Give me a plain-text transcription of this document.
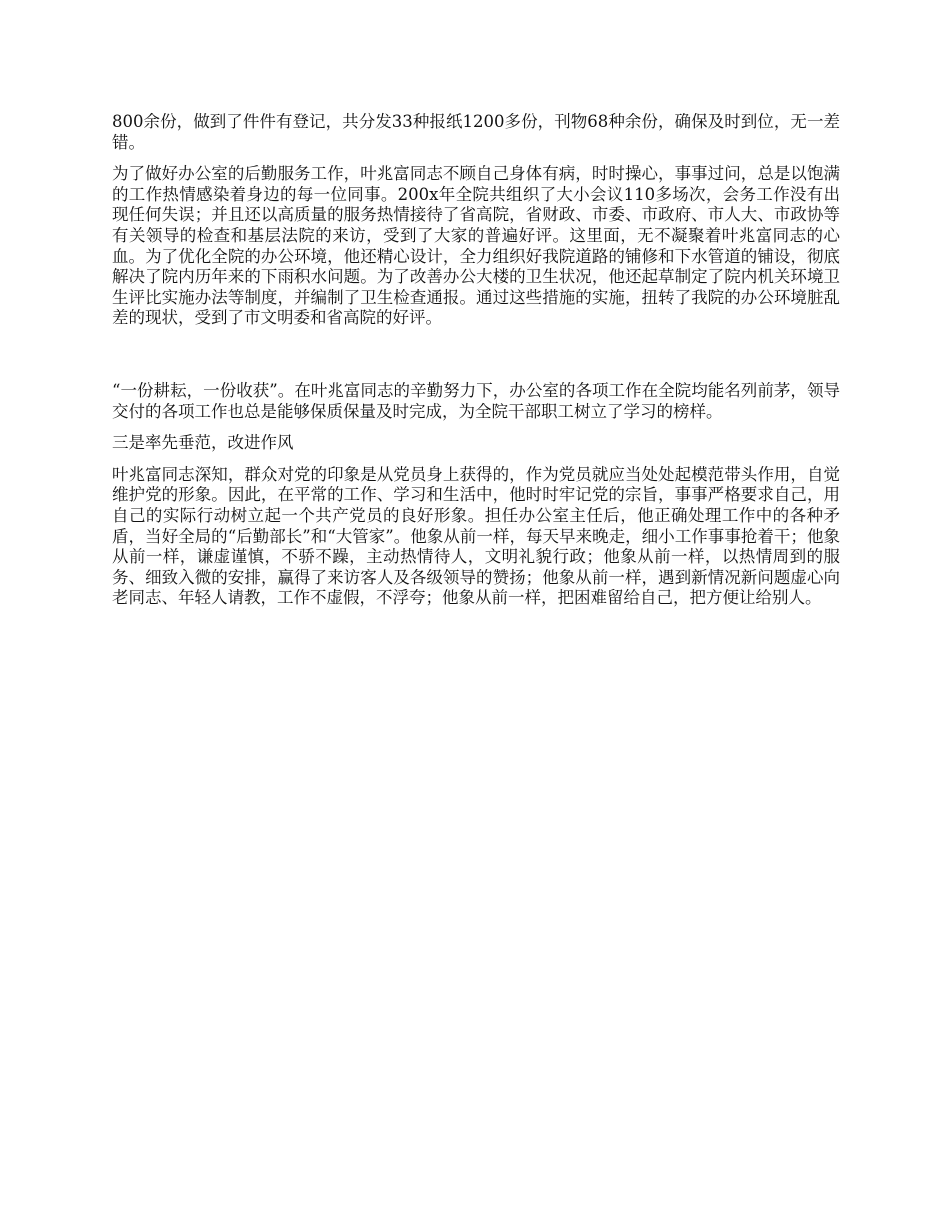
800余份，做到了件件有登记，共分发33种报纸1200多份，刊物68种余份，确保及时到位，无一差错。

为了做好办公室的后勤服务工作，叶兆富同志不顾自己身体有病，时时操心，事事过问，总是以饱满的工作热情感染着身边的每一位同事。200x年全院共组织了大小会议110多场次，会务工作没有出现任何失误；并且还以高质量的服务热情接待了省高院，省财政、市委、市政府、市人大、市政协等有关领导的检查和基层法院的来访，受到了大家的普遍好评。这里面，无不凝聚着叶兆富同志的心血。为了优化全院的办公环境，他还精心设计，全力组织好我院道路的铺修和下水管道的铺设，彻底解决了院内历年来的下雨积水问题。为了改善办公大楼的卫生状况，他还起草制定了院内机关环境卫生评比实施办法等制度，并编制了卫生检查通报。通过这些措施的实施，扭转了我院的办公环境脏乱差的现状，受到了市文明委和省高院的好评。

“一份耕耘，一份收获”。在叶兆富同志的辛勤努力下，办公室的各项工作在全院均能名列前茅，领导交付的各项工作也总是能够保质保量及时完成，为全院干部职工树立了学习的榜样。

三是率先垂范，改进作风

叶兆富同志深知，群众对党的印象是从党员身上获得的，作为党员就应当处处起模范带头作用，自觉维护党的形象。因此，在平常的工作、学习和生活中，他时时牢记党的宗旨，事事严格要求自己，用自己的实际行动树立起一个共产党员的良好形象。担任办公室主任后，他正确处理工作中的各种矛盾，当好全局的“后勤部长”和“大管家”。他象从前一样，每天早来晚走，细小工作事事抢着干；他象从前一样，谦虚谨慎，不骄不躁，主动热情待人，文明礼貌行政；他象从前一样，以热情周到的服务、细致入微的安排，赢得了来访客人及各级领导的赞扬；他象从前一样，遇到新情况新问题虚心向老同志、年轻人请教，工作不虚假，不浮夸；他象从前一样，把困难留给自己，把方便让给别人。
